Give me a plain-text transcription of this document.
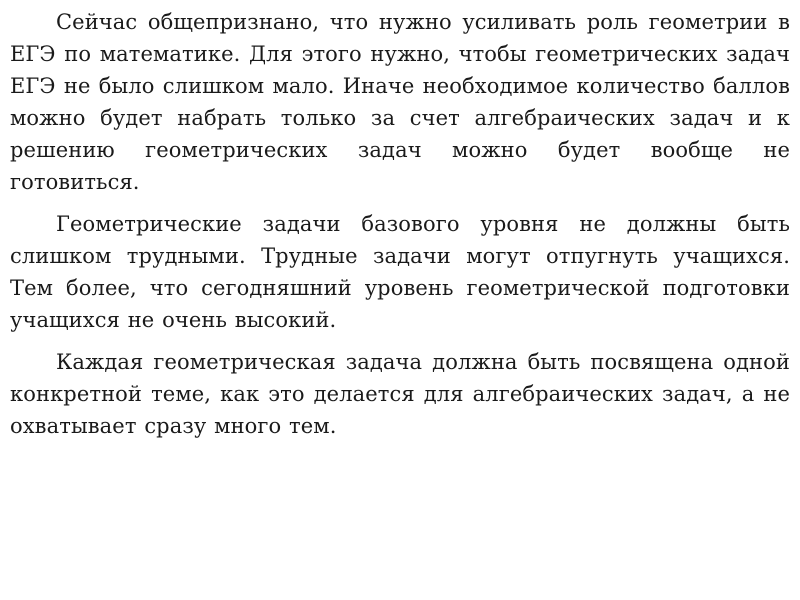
Сейчас общепризнано, что нужно усиливать роль геометрии в ЕГЭ по математике. Для этого нужно, чтобы геометрических задач ЕГЭ не было слишком мало. Иначе необходимое количество баллов можно будет набрать только за счет алгебраических задач и к решению геометрических задач можно будет вообще не готовиться.

Геометрические задачи базового уровня не должны быть слишком трудными. Трудные задачи могут отпугнуть учащихся. Тем более, что сегодняшний уровень геометрической подготовки учащихся не очень высокий.

Каждая геометрическая задача должна быть посвящена одной конкретной теме, как это делается для алгебраических задач, а не охватывает сразу много тем.
